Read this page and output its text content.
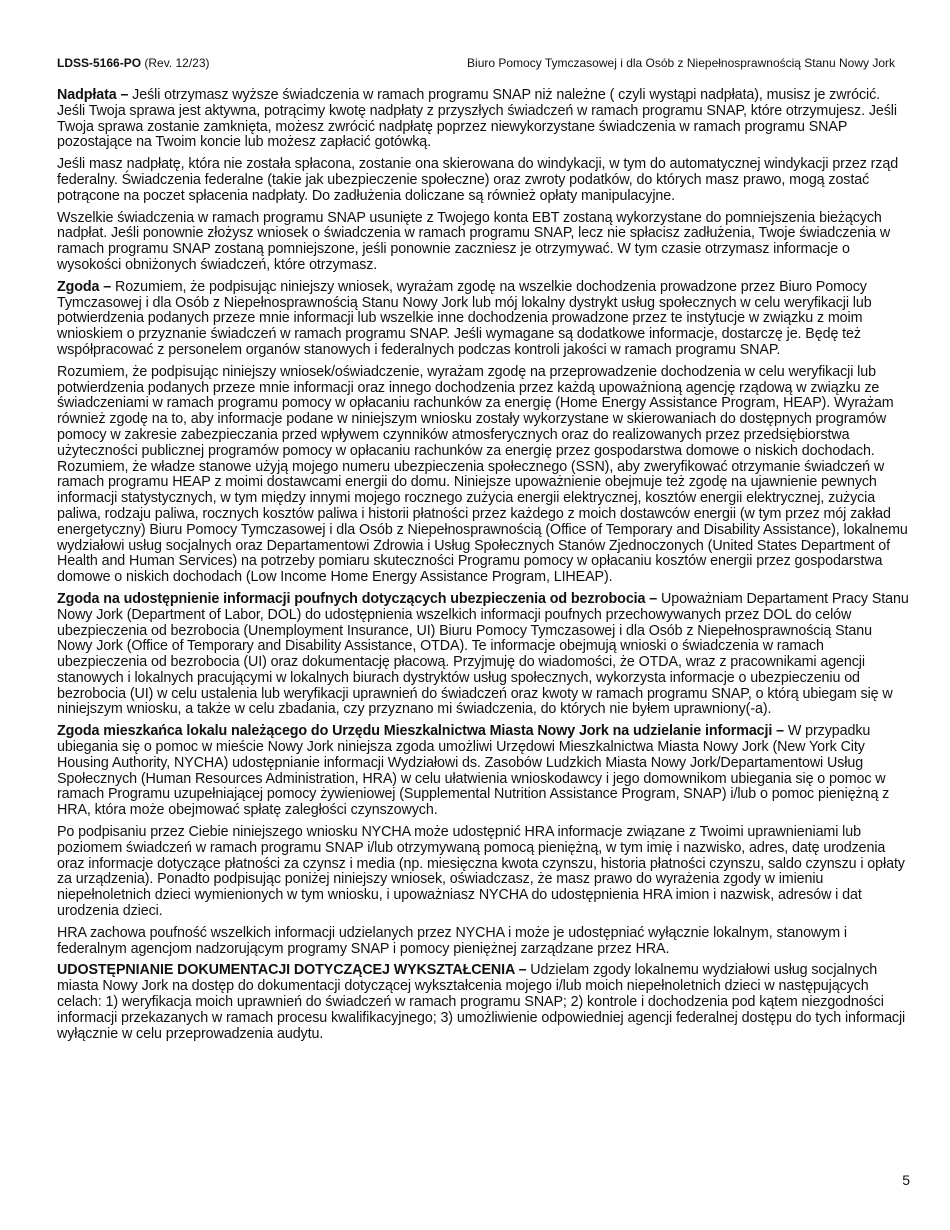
LDSS-5166-PO (Rev. 12/23)	Biuro Pomocy Tymczasowej i dla Osób z Niepełnosprawnością Stanu Nowy Jork

Nadpłata – Jeśli otrzymasz wyższe świadczenia w ramach programu SNAP niż należne ( czyli wystąpi nadpłata), musisz je zwrócić. Jeśli Twoja sprawa jest aktywna, potrącimy kwotę nadpłaty z przyszłych świadczeń w ramach programu SNAP, które otrzymujesz. Jeśli Twoja sprawa zostanie zamknięta, możesz zwrócić nadpłatę poprzez niewykorzystane świadczenia w ramach programu SNAP pozostające na Twoim koncie lub możesz zapłacić gotówką.

Jeśli masz nadpłatę, która nie została spłacona, zostanie ona skierowana do windykacji, w tym do automatycznej windykacji przez rząd federalny. Świadczenia federalne (takie jak ubezpieczenie społeczne) oraz zwroty podatków, do których masz prawo, mogą zostać potrącone na poczet spłacenia nadpłaty. Do zadłużenia doliczane są również opłaty manipulacyjne.

Wszelkie świadczenia w ramach programu SNAP usunięte z Twojego konta EBT zostaną wykorzystane do pomniejszenia bieżących nadpłat. Jeśli ponownie złożysz wniosek o świadczenia w ramach programu SNAP, lecz nie spłacisz zadłużenia, Twoje świadczenia w ramach programu SNAP zostaną pomniejszone, jeśli ponownie zaczniesz je otrzymywać. W tym czasie otrzymasz informacje o wysokości obniżonych świadczeń, które otrzymasz.

Zgoda – Rozumiem, że podpisując niniejszy wniosek, wyrażam zgodę na wszelkie dochodzenia prowadzone przez Biuro Pomocy Tymczasowej i dla Osób z Niepełnosprawnością Stanu Nowy Jork lub mój lokalny dystrykt usług społecznych w celu weryfikacji lub potwierdzenia podanych przeze mnie informacji lub wszelkie inne dochodzenia prowadzone przez te instytucje w związku z moim wnioskiem o przyznanie świadczeń w ramach programu SNAP. Jeśli wymagane są dodatkowe informacje, dostarczę je. Będę też współpracować z personelem organów stanowych i federalnych podczas kontroli jakości w ramach programu SNAP.

Rozumiem, że podpisując niniejszy wniosek/oświadczenie, wyrażam zgodę na przeprowadzenie dochodzenia w celu weryfikacji lub potwierdzenia podanych przeze mnie informacji oraz innego dochodzenia przez każdą upoważnioną agencję rządową w związku ze świadczeniami w ramach programu pomocy w opłacaniu rachunków za energię (Home Energy Assistance Program, HEAP). Wyrażam również zgodę na to, aby informacje podane w niniejszym wniosku zostały wykorzystane w skierowaniach do dostępnych programów pomocy w zakresie zabezpieczania przed wpływem czynników atmosferycznych oraz do realizowanych przez przedsiębiorstwa użyteczności publicznej programów pomocy w opłacaniu rachunków za energię przez gospodarstwa domowe o niskich dochodach. Rozumiem, że władze stanowe użyją mojego numeru ubezpieczenia społecznego (SSN), aby zweryfikować otrzymanie świadczeń w ramach programu HEAP z moimi dostawcami energii do domu. Niniejsze upoważnienie obejmuje też zgodę na ujawnienie pewnych informacji statystycznych, w tym między innymi mojego rocznego zużycia energii elektrycznej, kosztów energii elektrycznej, zużycia paliwa, rodzaju paliwa, rocznych kosztów paliwa i historii płatności przez każdego z moich dostawców energii (w tym przez mój zakład energetyczny) Biuru Pomocy Tymczasowej i dla Osób z Niepełnosprawnością (Office of Temporary and Disability Assistance), lokalnemu wydziałowi usług socjalnych oraz Departamentowi Zdrowia i Usług Społecznych Stanów Zjednoczonych (United States Department of Health and Human Services) na potrzeby pomiaru skuteczności Programu pomocy w opłacaniu kosztów energii przez gospodarstwa domowe o niskich dochodach (Low Income Home Energy Assistance Program, LIHEAP).

Zgoda na udostępnienie informacji poufnych dotyczących ubezpieczenia od bezrobocia – Upoważniam Departament Pracy Stanu Nowy Jork (Department of Labor, DOL) do udostępnienia wszelkich informacji poufnych przechowywanych przez DOL do celów ubezpieczenia od bezrobocia (Unemployment Insurance, UI) Biuru Pomocy Tymczasowej i dla Osób z Niepełnosprawnością Stanu Nowy Jork (Office of Temporary and Disability Assistance, OTDA). Te informacje obejmują wnioski o świadczenia w ramach ubezpieczenia od bezrobocia (UI) oraz dokumentację płacową. Przyjmuję do wiadomości, że OTDA, wraz z pracownikami agencji stanowych i lokalnych pracującymi w lokalnych biurach dystryktów usług społecznych, wykorzysta informacje o ubezpieczeniu od bezrobocia (UI) w celu ustalenia lub weryfikacji uprawnień do świadczeń oraz kwoty w ramach programu SNAP, o którą ubiegam się w niniejszym wniosku, a także w celu zbadania, czy przyznano mi świadczenia, do których nie byłem uprawniony(-a).

Zgoda mieszkańca lokalu należącego do Urzędu Mieszkalnictwa Miasta Nowy Jork na udzielanie informacji – W przypadku ubiegania się o pomoc w mieście Nowy Jork niniejsza zgoda umożliwi Urzędowi Mieszkalnictwa Miasta Nowy Jork (New York City Housing Authority, NYCHA) udostępnianie informacji Wydziałowi ds. Zasobów Ludzkich Miasta Nowy Jork/Departamentowi Usług Społecznych (Human Resources Administration, HRA) w celu ułatwienia wnioskodawcy i jego domownikom ubiegania się o pomoc w ramach Programu uzupełniającej pomocy żywieniowej (Supplemental Nutrition Assistance Program, SNAP) i/lub o pomoc pieniężną z HRA, która może obejmować spłatę zaległości czynszowych.

Po podpisaniu przez Ciebie niniejszego wniosku NYCHA może udostępnić HRA informacje związane z Twoimi uprawnieniami lub poziomem świadczeń w ramach programu SNAP i/lub otrzymywaną pomocą pieniężną, w tym imię i nazwisko, adres, datę urodzenia oraz informacje dotyczące płatności za czynsz i media (np. miesięczna kwota czynszu, historia płatności czynszu, saldo czynszu i opłaty za urządzenia). Ponadto podpisując poniżej niniejszy wniosek, oświadczasz, że masz prawo do wyrażenia zgody w imieniu niepełnoletnich dzieci wymienionych w tym wniosku, i upoważniasz NYCHA do udostępnienia HRA imion i nazwisk, adresów i dat urodzenia dzieci.

HRA zachowa poufność wszelkich informacji udzielanych przez NYCHA i może je udostępniać wyłącznie lokalnym, stanowym i federalnym agencjom nadzorującym programy SNAP i pomocy pieniężnej zarządzane przez HRA.

UDOSTĘPNIANIE DOKUMENTACJI DOTYCZĄCEJ WYKSZTAŁCENIA – Udzielam zgody lokalnemu wydziałowi usług socjalnych miasta Nowy Jork na dostęp do dokumentacji dotyczącej wykształcenia mojego i/lub moich niepełnoletnich dzieci w następujących celach: 1) weryfikacja moich uprawnień do świadczeń w ramach programu SNAP; 2) kontrole i dochodzenia pod kątem niezgodności informacji przekazanych w ramach procesu kwalifikacyjnego; 3) umożliwienie odpowiedniej agencji federalnej dostępu do tych informacji wyłącznie w celu przeprowadzenia audytu.

5
